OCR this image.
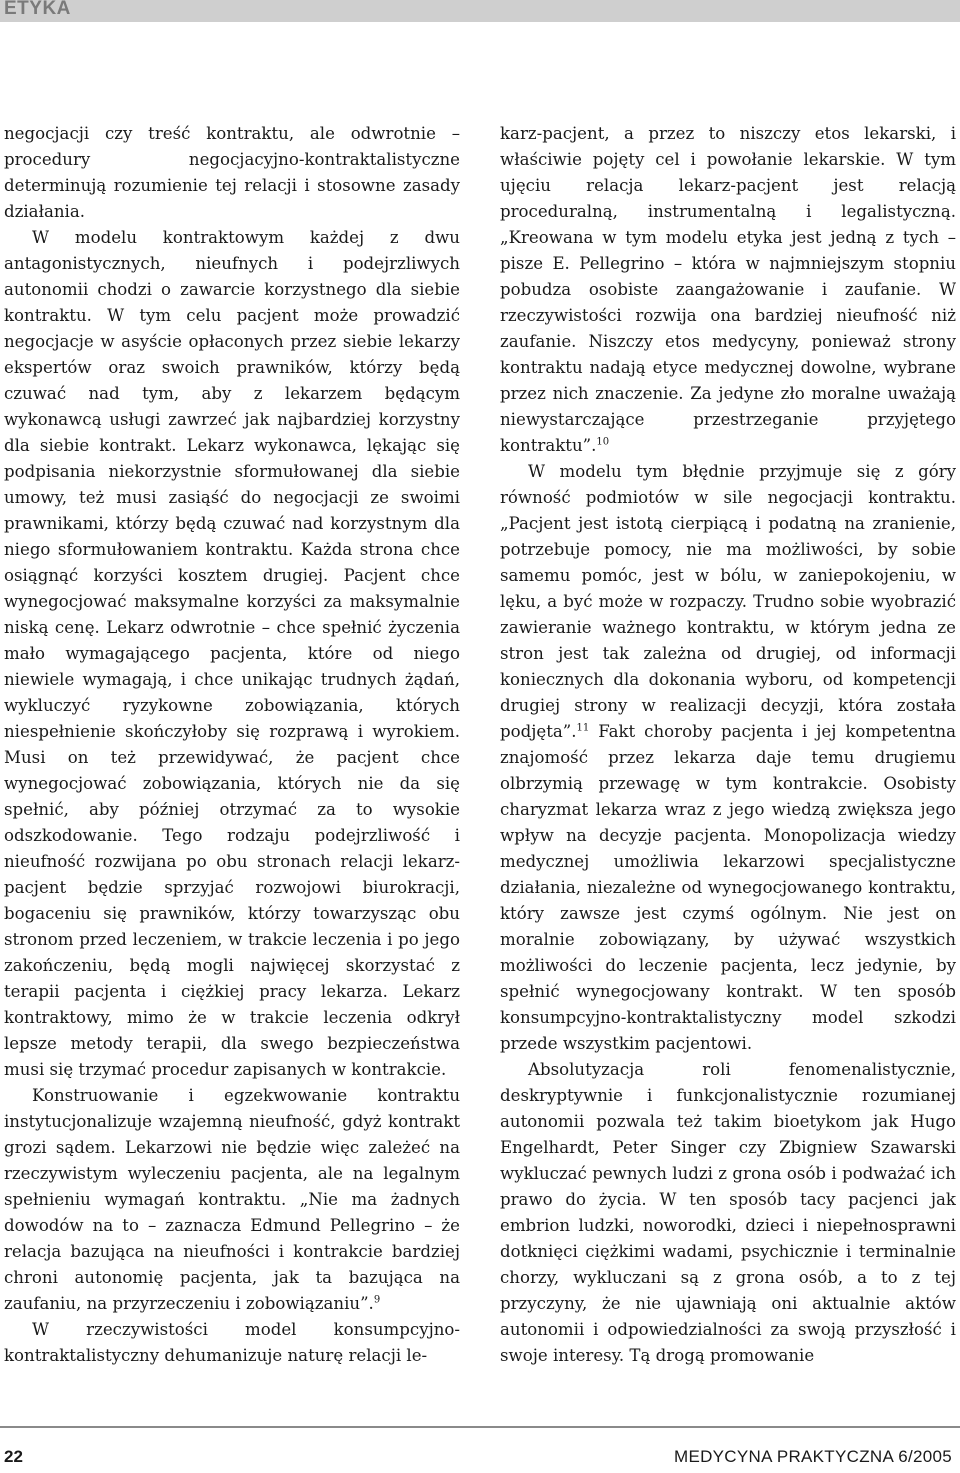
ETYKA

negocjacji czy treść kontraktu, ale odwrotnie – procedury negocjacyjno-kontraktalistyczne determinują rozumienie tej relacji i stosowne zasady działania.

W modelu kontraktowym każdej z dwu antagonistycznych, nieufnych i podejrzliwych autonomii chodzi o zawarcie korzystnego dla siebie kontraktu. W tym celu pacjent może prowadzić negocjacje w asyście opłaconych przez siebie lekarzy ekspertów oraz swoich prawników, którzy będą czuwać nad tym, aby z lekarzem będącym wykonawcą usługi zawrzeć jak najbardziej korzystny dla siebie kontrakt. Lekarz wykonawca, lękając się podpisania niekorzystnie sformułowanej dla siebie umowy, też musi zasiąść do negocjacji ze swoimi prawnikami, którzy będą czuwać nad korzystnym dla niego sformułowaniem kontraktu. Każda strona chce osiągnąć korzyści kosztem drugiej. Pacjent chce wynegocjować maksymalne korzyści za maksymalnie niską cenę. Lekarz odwrotnie – chce spełnić życzenia mało wymagającego pacjenta, które od niego niewiele wymagają, i chce unikając trudnych żądań, wykluczyć ryzykowne zobowiązania, których niespełnienie skończyłoby się rozprawą i wyrokiem. Musi on też przewidywać, że pacjent chce wynegocjować zobowiązania, których nie da się spełnić, aby później otrzymać za to wysokie odszkodowanie. Tego rodzaju podejrzliwość i nieufność rozwijana po obu stronach relacji lekarz-pacjent będzie sprzyjać rozwojowi biurokracji, bogaceniu się prawników, którzy towarzysząc obu stronom przed leczeniem, w trakcie leczenia i po jego zakończeniu, będą mogli najwięcej skorzystać z terapii pacjenta i ciężkiej pracy lekarza. Lekarz kontraktowy, mimo że w trakcie leczenia odkrył lepsze metody terapii, dla swego bezpieczeństwa musi się trzymać procedur zapisanych w kontrakcie.

Konstruowanie i egzekwowanie kontraktu instytucjonalizuje wzajemną nieufność, gdyż kontrakt grozi sądem. Lekarzowi nie będzie więc zależeć na rzeczywistym wyleczeniu pacjenta, ale na legalnym spełnieniu wymagań kontraktu. „Nie ma żadnych dowodów na to – zaznacza Edmund Pellegrino – że relacja bazująca na nieufności i kontrakcie bardziej chroni autonomię pacjenta, jak ta bazująca na zaufaniu, na przyrzeczeniu i zobowiązaniu”.$^9$

W rzeczywistości model konsumpcyjno-kontraktalistyczny dehumanizuje naturę relacji le-

karz-pacjent, a przez to niszczy etos lekarski, i właściwie pojęty cel i powołanie lekarskie. W tym ujęciu relacja lekarz-pacjent jest relacją proceduralną, instrumentalną i legalistyczną. „Kreowana w tym modelu etyka jest jedną z tych – pisze E. Pellegrino – która w najmniejszym stopniu pobudza osobiste zaangażowanie i zaufanie. W rzeczywistości rozwija ona bardziej nieufność niż zaufanie. Niszczy etos medycyny, ponieważ strony kontraktu nadają etyce medycznej dowolne, wybrane przez nich znaczenie. Za jedyne zło moralne uważają niewystarczające przestrzeganie przyjętego kontraktu”.$^{10}$

W modelu tym błędnie przyjmuje się z góry równość podmiotów w sile negocjacji kontraktu. „Pacjent jest istotą cierpiącą i podatną na zranienie, potrzebuje pomocy, nie ma możliwości, by sobie samemu pomóc, jest w bólu, w zaniepokojeniu, w lęku, a być może w rozpaczy. Trudno sobie wyobrazić zawieranie ważnego kontraktu, w którym jedna ze stron jest tak zależna od drugiej, od informacji koniecznych dla dokonania wyboru, od kompetencji drugiej strony w realizacji decyzji, która została podjęta”.$^{11}$ Fakt choroby pacjenta i jej kompetentna znajomość przez lekarza daje temu drugiemu olbrzymią przewagę w tym kontrakcie. Osobisty charyzmat lekarza wraz z jego wiedzą zwiększa jego wpływ na decyzje pacjenta. Monopolizacja wiedzy medycznej umożliwia lekarzowi specjalistyczne działania, niezależne od wynegocjowanego kontraktu, który zawsze jest czymś ogólnym. Nie jest on moralnie zobowiązany, by używać wszystkich możliwości do leczenie pacjenta, lecz jedynie, by spełnić wynegocjowany kontrakt. W ten sposób konsumpcyjno-kontraktalistyczny model szkodzi przede wszystkim pacjentowi.

Absolutyzacja roli fenomenalistycznie, deskryptywnie i funkcjonalistycznie rozumianej autonomii pozwala też takim bioetykom jak Hugo Engelhardt, Peter Singer czy Zbigniew Szawarski wykluczać pewnych ludzi z grona osób i podważać ich prawo do życia. W ten sposób tacy pacjenci jak embrion ludzki, noworodki, dzieci i niepełnosprawni dotknięci ciężkimi wadami, psychicznie i terminalnie chorzy, wykluczani są z grona osób, a to z tej przyczyny, że nie ujawniają oni aktualnie aktów autonomii i odpowiedzialności za swoją przyszłość i swoje interesy. Tą drogą promowanie

22	MEDYCYNA PRAKTYCZNA 6/2005
